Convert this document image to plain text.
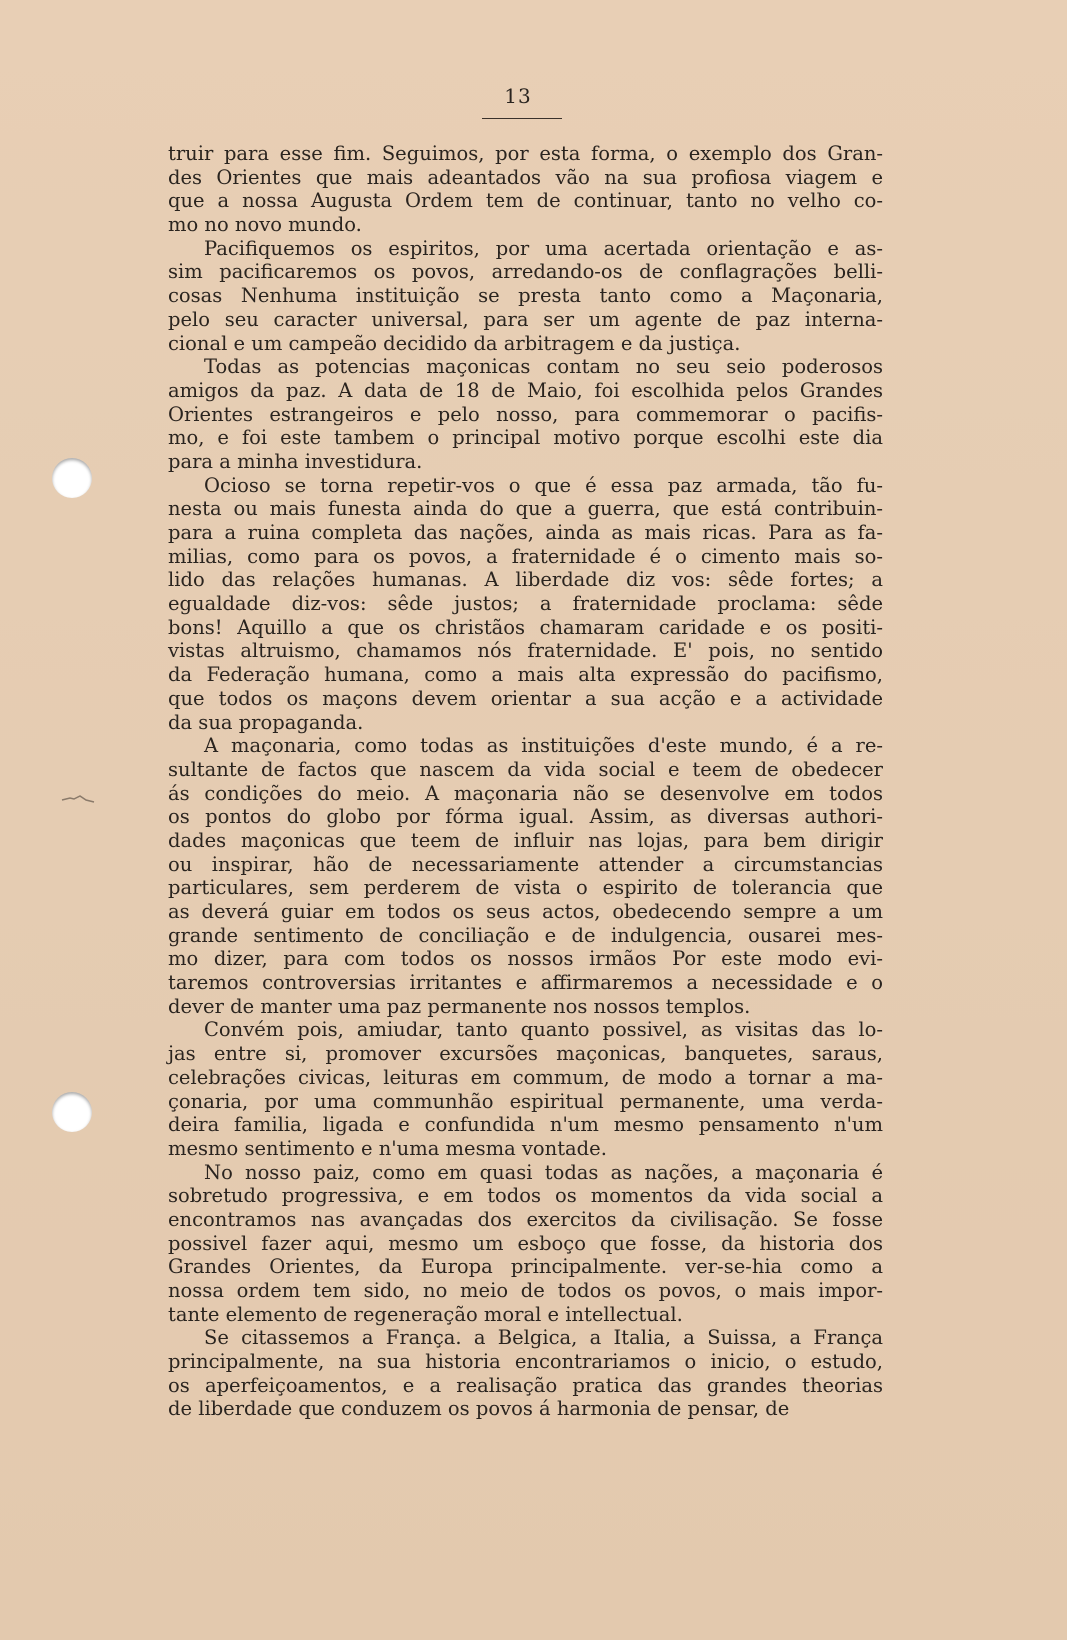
13
truir para esse fim. Seguimos, por esta forma, o exemplo dos Gran-
des Orientes que mais adeantados vão na sua profiosa viagem e
que a nossa Augusta Ordem tem de continuar, tanto no velho co-
mo no novo mundo.
Pacifiquemos os espiritos, por uma acertada orientação e as-
sim pacificaremos os povos, arredando-os de conflagrações belli-
cosas Nenhuma instituição se presta tanto como a Maçonaria,
pelo seu caracter universal, para ser um agente de paz interna-
cional e um campeão decidido da arbitragem e da justiça.
Todas as potencias maçonicas contam no seu seio poderosos
amigos da paz. A data de 18 de Maio, foi escolhida pelos Grandes
Orientes estrangeiros e pelo nosso, para commemorar o pacifis-
mo, e foi este tambem o principal motivo porque escolhi este dia
para a minha investidura.
Ocioso se torna repetir-vos o que é essa paz armada, tão fu-
nesta ou mais funesta ainda do que a guerra, que está contribuin-
para a ruina completa das nações, ainda as mais ricas. Para as fa-
milias, como para os povos, a fraternidade é o cimento mais so-
lido das relações humanas. A liberdade diz vos: sêde fortes; a
egualdade diz-vos: sêde justos; a fraternidade proclama: sêde
bons! Aquillo a que os christãos chamaram caridade e os positi-
vistas altruismo, chamamos nós fraternidade. E' pois, no sentido
da Federação humana, como a mais alta expressão do pacifismo,
que todos os maçons devem orientar a sua acção e a actividade
da sua propaganda.
A maçonaria, como todas as instituições d'este mundo, é a re-
sultante de factos que nascem da vida social e teem de obedecer
ás condições do meio. A maçonaria não se desenvolve em todos
os pontos do globo por fórma igual. Assim, as diversas authori-
dades maçonicas que teem de influir nas lojas, para bem dirigir
ou inspirar, hão de necessariamente attender a circumstancias
particulares, sem perderem de vista o espirito de tolerancia que
as deverá guiar em todos os seus actos, obedecendo sempre a um
grande sentimento de conciliação e de indulgencia, ousarei mes-
mo dizer, para com todos os nossos irmãos Por este modo evi-
taremos controversias irritantes e affirmaremos a necessidade e o
dever de manter uma paz permanente nos nossos templos.
Convém pois, amiudar, tanto quanto possivel, as visitas das lo-
jas entre si, promover excursões maçonicas, banquetes, saraus,
celebrações civicas, leituras em commum, de modo a tornar a ma-
çonaria, por uma communhão espiritual permanente, uma verda-
deira familia, ligada e confundida n'um mesmo pensamento n'um
mesmo sentimento e n'uma mesma vontade.
No nosso paiz, como em quasi todas as nações, a maçonaria é
sobretudo progressiva, e em todos os momentos da vida social a
encontramos nas avançadas dos exercitos da civilisação. Se fosse
possivel fazer aqui, mesmo um esboço que fosse, da historia dos
Grandes Orientes, da Europa principalmente. ver-se-hia como a
nossa ordem tem sido, no meio de todos os povos, o mais impor-
tante elemento de regeneração moral e intellectual.
Se citassemos a França. a Belgica, a Italia, a Suissa, a França
principalmente, na sua historia encontrariamos o inicio, o estudo,
os aperfeiçoamentos, e a realisação pratica das grandes theorias
de liberdade que conduzem os povos á harmonia de pensar, de
